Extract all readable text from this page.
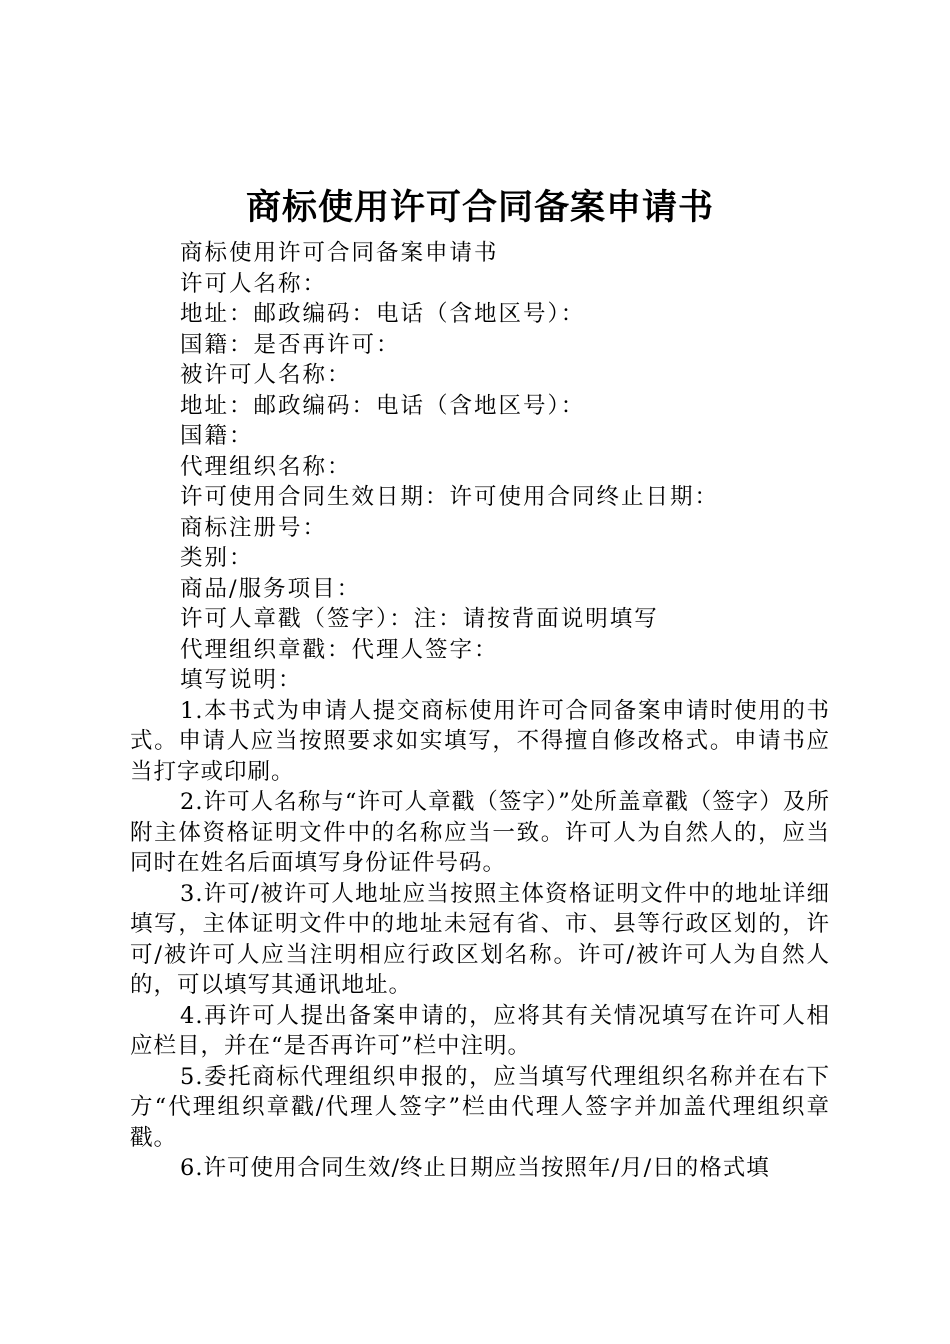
商标使用许可合同备案申请书
商标使用许可合同备案申请书
许可人名称：
地址：邮政编码：电话（含地区号）：
国籍：是否再许可：
被许可人名称：
地址：邮政编码：电话（含地区号）：
国籍：
代理组织名称：
许可使用合同生效日期：许可使用合同终止日期：
商标注册号：
类别：
商品/服务项目：
许可人章戳（签字）：注：请按背面说明填写
代理组织章戳：代理人签字：
填写说明：

1.本书式为申请人提交商标使用许可合同备案申请时使用的书式。申请人应当按照要求如实填写，不得擅自修改格式。申请书应当打字或印刷。

2.许可人名称与“许可人章戳（签字）”处所盖章戳（签字）及所附主体资格证明文件中的名称应当一致。许可人为自然人的，应当同时在姓名后面填写身份证件号码。

3.许可/被许可人地址应当按照主体资格证明文件中的地址详细填写，主体证明文件中的地址未冠有省、市、县等行政区划的，许可/被许可人应当注明相应行政区划名称。许可/被许可人为自然人的，可以填写其通讯地址。

4.再许可人提出备案申请的，应将其有关情况填写在许可人相应栏目，并在“是否再许可”栏中注明。

5.委托商标代理组织申报的，应当填写代理组织名称并在右下方“代理组织章戳/代理人签字”栏由代理人签字并加盖代理组织章戳。

6.许可使用合同生效/终止日期应当按照年/月/日的格式填
